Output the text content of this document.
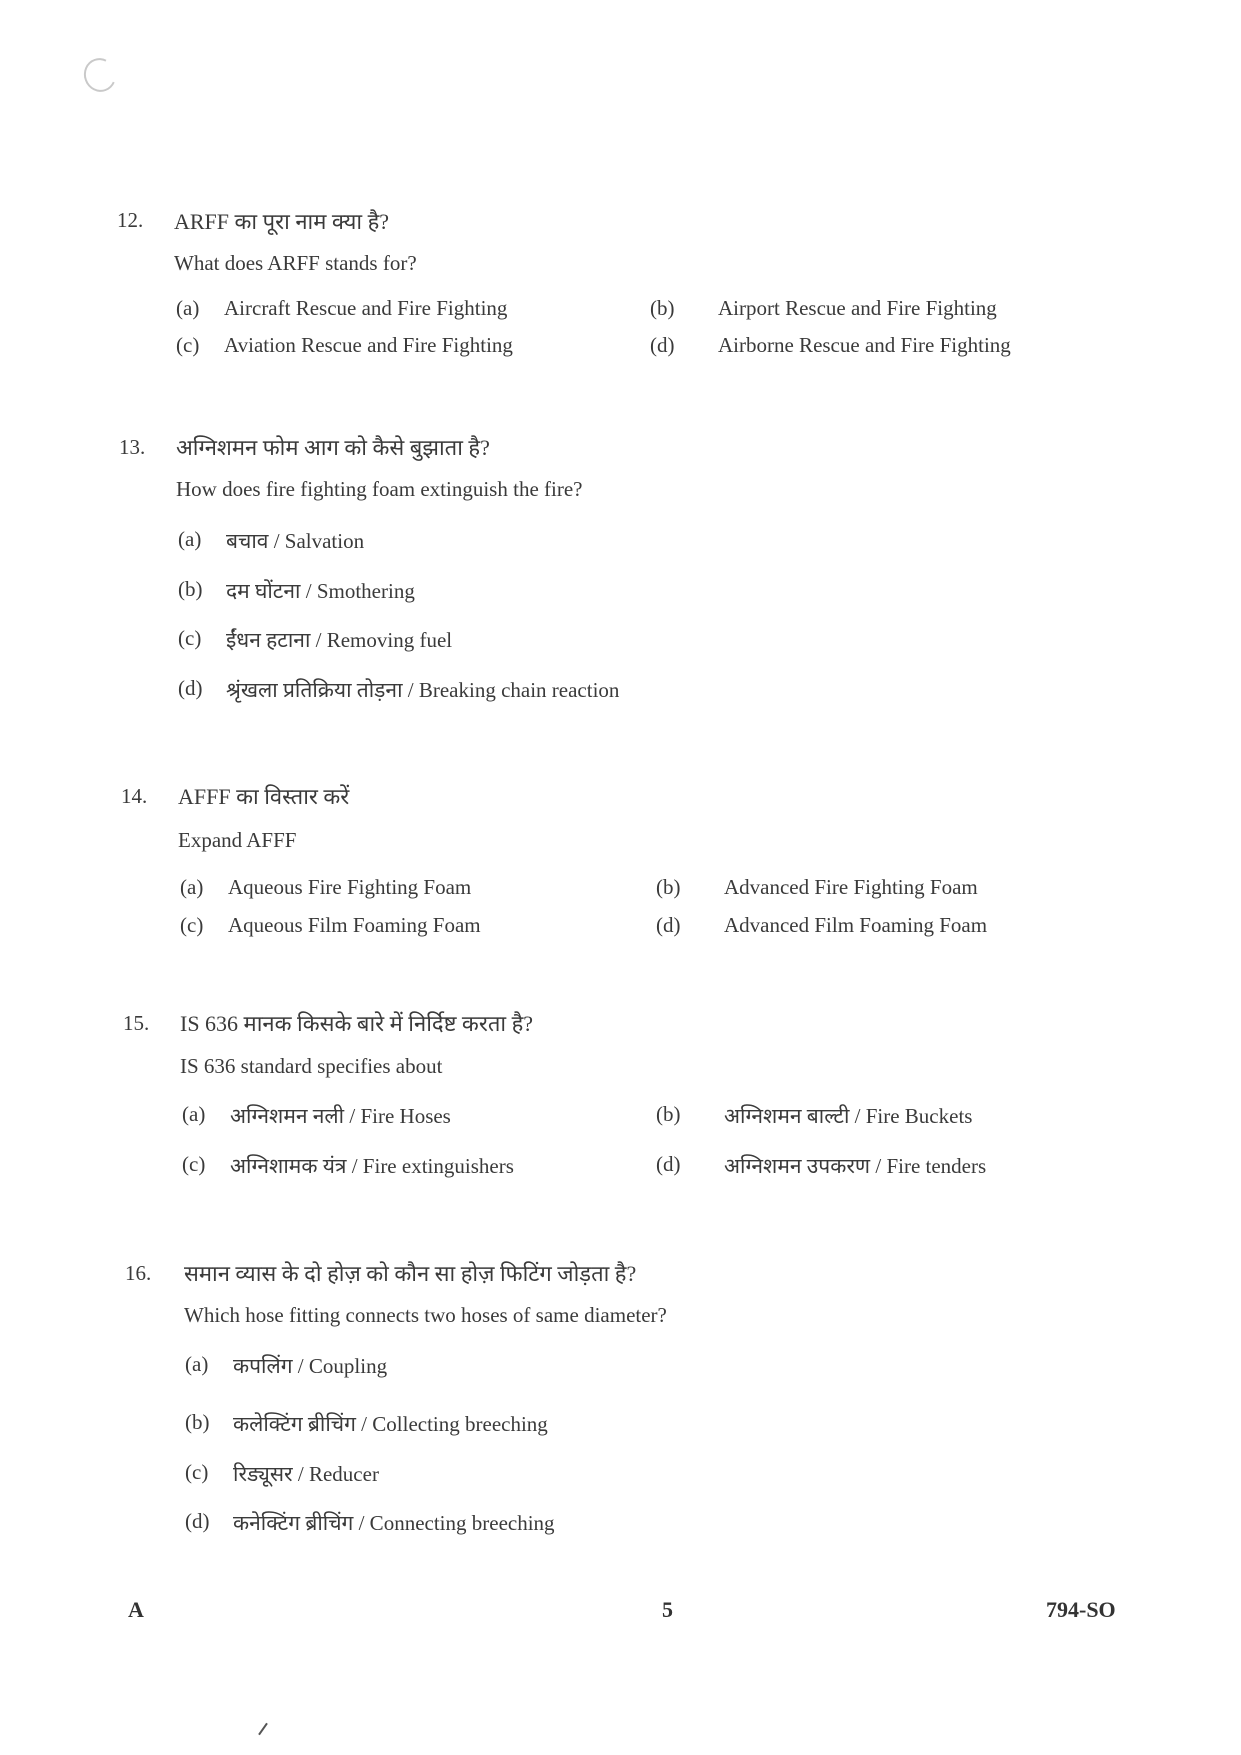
12. ARFF का पूरा नाम क्या है?
What does ARFF stands for?
(a) Aircraft Rescue and Fire Fighting	(b) Airport Rescue and Fire Fighting
(c) Aviation Rescue and Fire Fighting	(d) Airborne Rescue and Fire Fighting
13. अग्निशमन फोम आग को कैसे बुझाता है?
How does fire fighting foam extinguish the fire?
(a) बचाव / Salvation
(b) दम घोंटना / Smothering
(c) ईंधन हटाना / Removing fuel
(d) श्रृंखला प्रतिक्रिया तोड़ना / Breaking chain reaction
14. AFFF का विस्तार करें
Expand AFFF
(a) Aqueous Fire Fighting Foam	(b) Advanced Fire Fighting Foam
(c) Aqueous Film Foaming Foam	(d) Advanced Film Foaming Foam
15. IS 636 मानक किसके बारे में निर्दिष्ट करता है?
IS 636 standard specifies about
(a) अग्निशमन नली / Fire Hoses	(b) अग्निशमन बाल्टी / Fire Buckets
(c) अग्निशामक यंत्र / Fire extinguishers	(d) अग्निशमन उपकरण / Fire tenders
16. समान व्यास के दो होज़ को कौन सा होज़ फिटिंग जोड़ता है?
Which hose fitting connects two hoses of same diameter?
(a) कपलिंग / Coupling
(b) कलेक्टिंग ब्रीचिंग / Collecting breeching
(c) रिड्यूसर / Reducer
(d) कनेक्टिंग ब्रीचिंग / Connecting breeching
A	5	794-SO
